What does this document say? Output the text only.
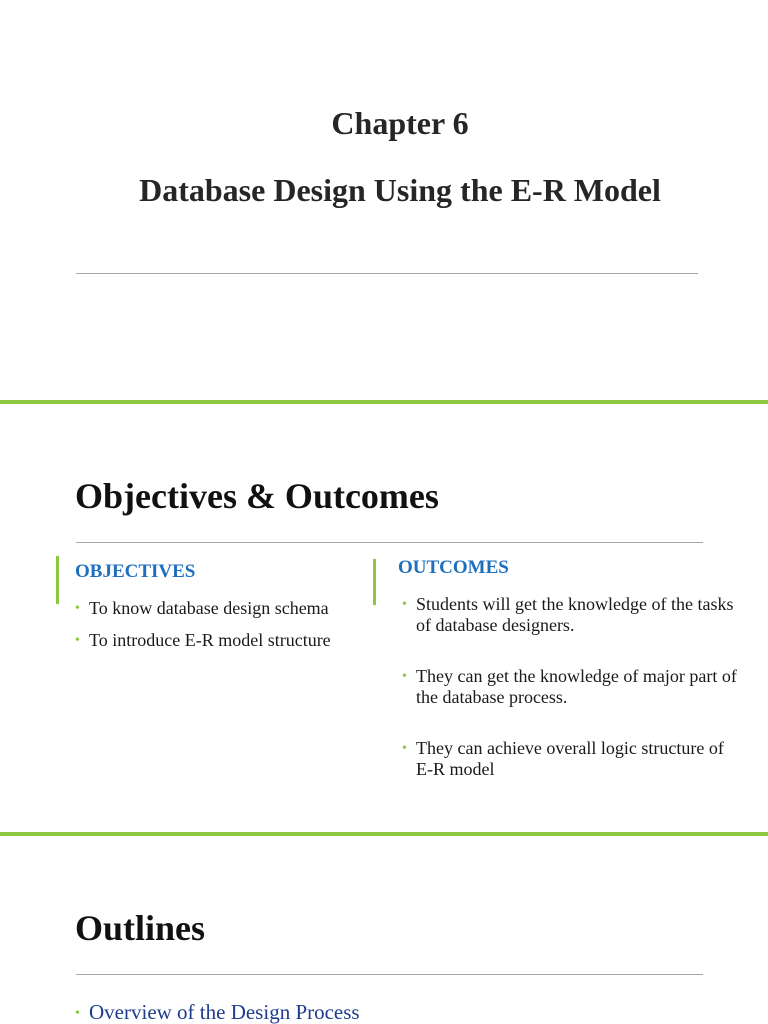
Chapter 6
Database Design Using the E-R Model
Objectives & Outcomes
OBJECTIVES
• To know database design schema
• To introduce E-R model structure
OUTCOMES
• Students will get the knowledge of the tasks of database designers.
• They can get the knowledge of major part of the database process.
• They can achieve overall logic structure of E-R model
Outlines
• Overview of the Design Process
